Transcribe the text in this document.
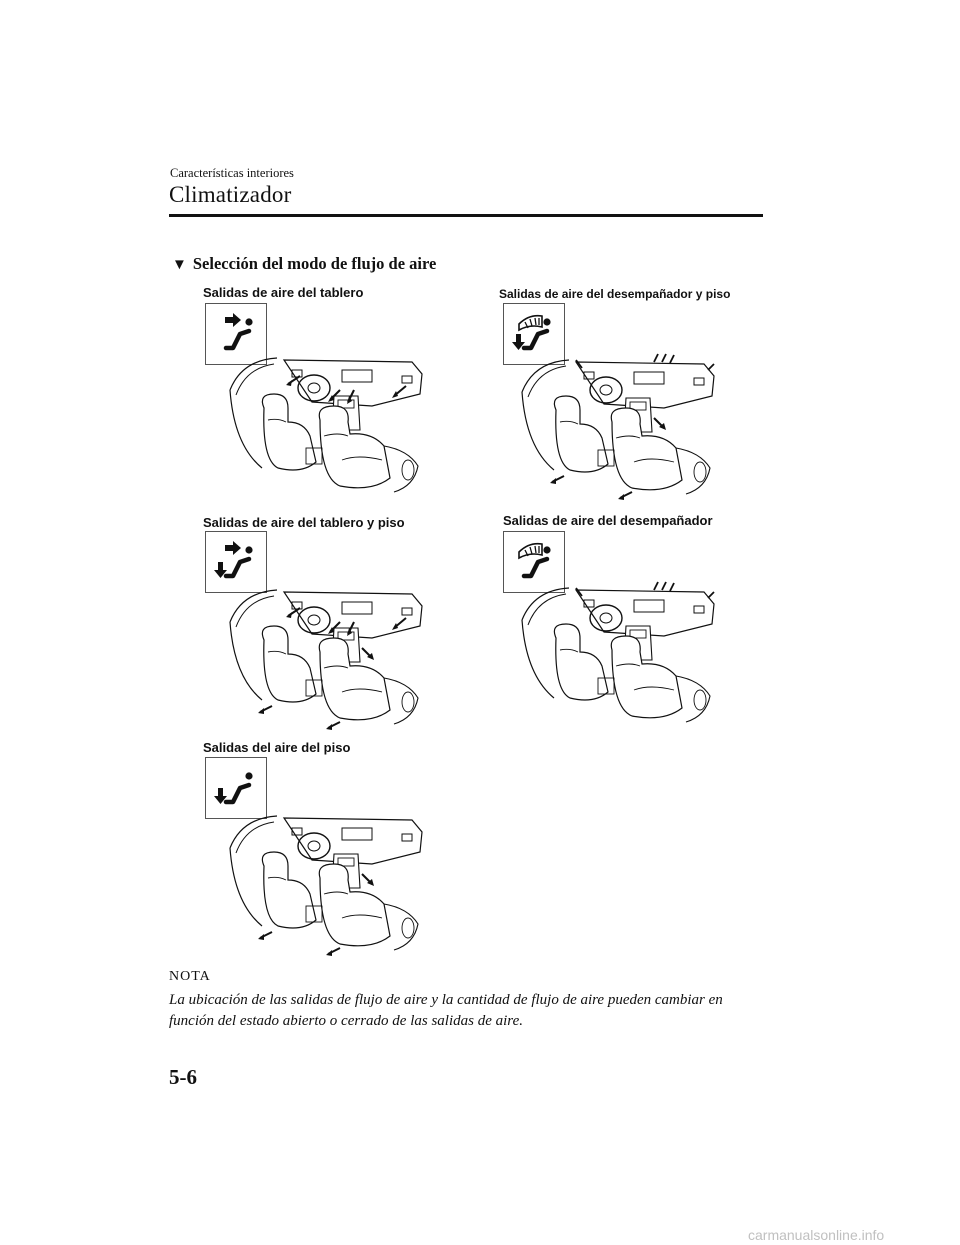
Características interiores
Climatizador
▼ Selección del modo de flujo de aire
Salidas de aire del tablero	Salidas de aire del desempañador y piso
Salidas de aire del tablero y piso	Salidas de aire del desempañador
Salidas del aire del piso
NOTA
La ubicación de las salidas de flujo de aire y la cantidad de flujo de aire pueden cambiar en función del estado abierto o cerrado de las salidas de aire.
5-6
carmanualsonline.info
